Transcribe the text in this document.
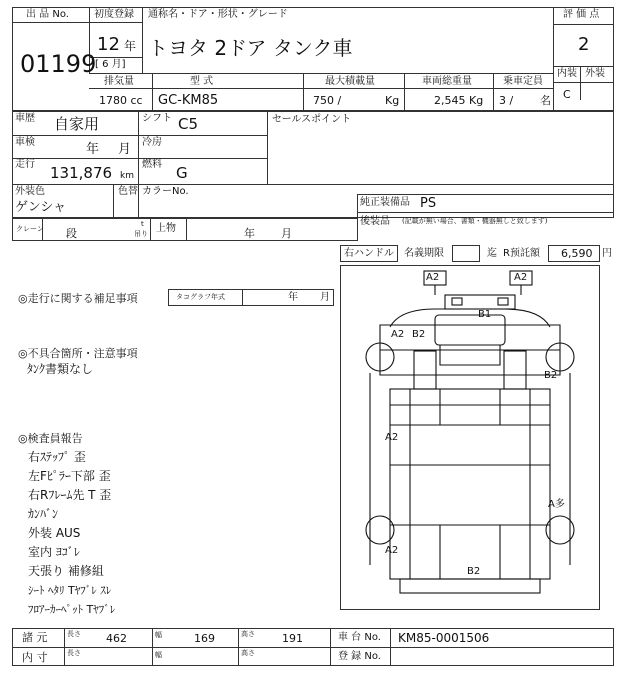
出 品 No.
01199
初度登録
12 年
[ 6 月]
通称名・ドア・形状・グレード
トヨタ 2ドア タンク車
評 価 点
2
内装 外装
C
排気量
1780 cc
型 式
GC-KM85
最大積載量
750 /	Kg
車両総重量
2,545 Kg
乗車定員
3 / 名
車歴 自家用	シフト C5
車検	年 月 冷房
走行 131,876 km
燃料 G
セールスポイント
外装色
ゲンシャ
色替 カラーNo.
純正装備品 PS
後装品 (記載が無い場合、書類・機器無しと致します)
クレーン 段
t
吊り 上物	年 月
右ハンドル 名義期限	迄 R预託額 6,590 円
◎走行に関する補足事項	タコグラフ年式	年 月
◎不具合箇所・注意事項
ﾀﾝｸ書類なし
◎検査員報告
右ｽﾃｯﾌﾟ 歪
左Fﾋﾟﾗｰ下部 歪
右Rﾌﾚｰﾑ先 T 歪
ｶﾝﾊﾞﾝ
外装 AUS
室内 ﾖｺﾞﾚ
天張り 補修組
ｼｰﾄ ﾍﾀﾘ Tﾔﾌﾞﾚ ｽﾚ
ﾌﾛｱｰｶｰﾍﾟｯﾄ Tﾔﾌﾞﾚ
A2	A2
B1
A2 B2
B2
A2
A多
A2
B2
諸 元	長さ 462	幅	169	高さ 191	車 台 No. KM85-0001506
内 寸	長さ	幅	高さ	登 録 No.
